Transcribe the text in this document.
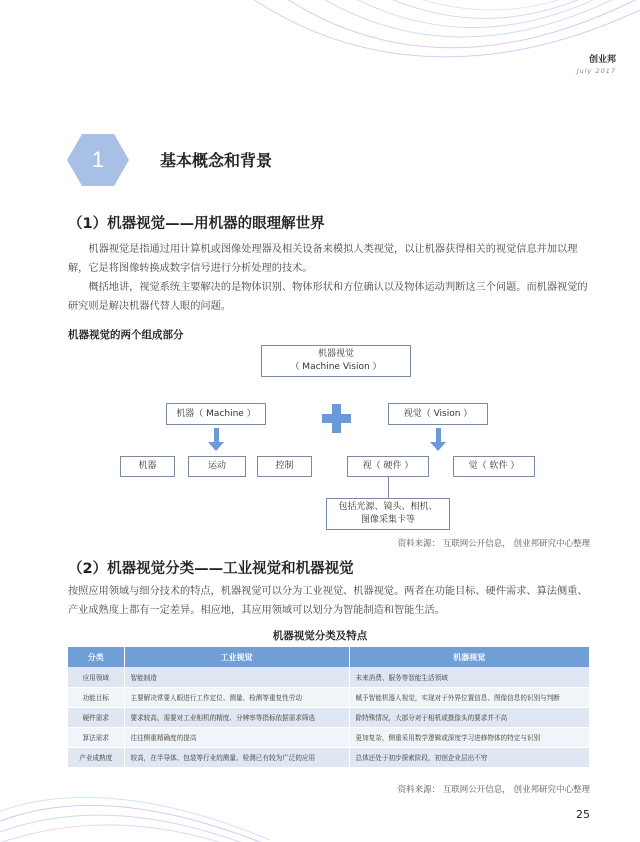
创业邦
July 2017
1	基本概念和背景
（1）机器视觉——用机器的眼理解世界
机器视觉是指通过用计算机或图像处理器及相关设备来模拟人类视觉，以让机器获得相关的视觉信息并加以理解，它是将图像转换成数字信号进行分析处理的技术。
概括地讲，视觉系统主要解决的是物体识别、物体形状和方位确认以及物体运动判断这三个问题。而机器视觉的研究则是解决机器代替人眼的问题。
机器视觉的两个组成部分
机器视觉
（ Machine Vision ）
机器（ Machine ）	视觉（ Vision ）
机器	运动	控制	视（ 硬件 ）	觉（ 软件 ）
包括光源、镜头、相机、
图像采集卡等
资料来源： 互联网公开信息， 创业邦研究中心整理
（2）机器视觉分类——工业视觉和机器视觉
按照应用领域与细分技术的特点，机器视觉可以分为工业视觉、机器视觉。两者在功能目标、硬件需求、算法侧重、产业成熟度上都有一定差异。相应地，其应用领域可以划分为智能制造和智能生活。
机器视觉分类及特点
分类	工业视觉	机器视觉
应用领域	智能制造	未来消费、服务等智能生活领域
功能目标	主要解决常要人眼进行工作定位、测量、检测等重复性劳动	赋予智能机器人视觉，实现对于外界位置信息、图像信息的识别与判断
硬件需求	要求较高，需要对工业相机的精度、分辨率等指标依据需求筛选	除特殊情况，大部分对于相机或摄像头的要求并不高
算法需求	往往侧重精确度的提高	更加复杂，侧重采用数学逻辑或深度学习进修物体的特定与识别
产业成熟度	较高，在半导体、包装等行业的测量、检测已有较为广泛的应用	总体还处于初步探索阶段，初创企业层出不穷
资料来源： 互联网公开信息， 创业邦研究中心整理
25
